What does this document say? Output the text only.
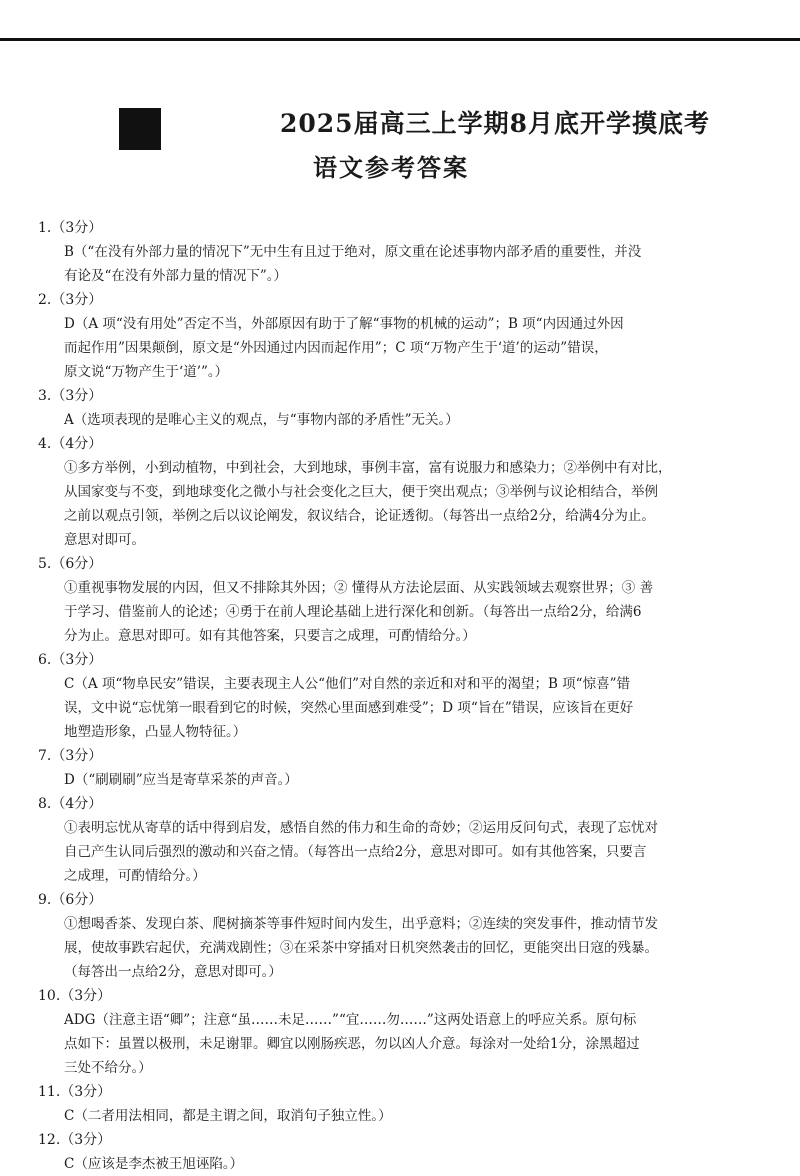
2025届高三上学期8月底开学摸底考
语文参考答案
1.（3分）
B（“在没有外部力量的情况下”无中生有且过于绝对，原文重在论述事物内部矛盾的重要性，并没
有论及“在没有外部力量的情况下”。）
2.（3分）
D（A 项“没有用处”否定不当，外部原因有助于了解“事物的机械的运动”；B 项“内因通过外因
而起作用”因果颠倒，原文是“外因通过内因而起作用”；C 项“万物产生于‘道’的运动”错误，
原文说“万物产生于‘道’”。）
3.（3分）
A（选项表现的是唯心主义的观点，与“事物内部的矛盾性”无关。）
4.（4分）
①多方举例，小到动植物，中到社会，大到地球，事例丰富，富有说服力和感染力；②举例中有对比，
从国家变与不变，到地球变化之微小与社会变化之巨大，便于突出观点；③举例与议论相结合，举例
之前以观点引领，举例之后以议论阐发，叙议结合，论证透彻。（每答出一点给2分，给满4分为止。
意思对即可。
5.（6分）
①重视事物发展的内因，但又不排除其外因；② 懂得从方法论层面、从实践领域去观察世界；③ 善
于学习、借鉴前人的论述；④勇于在前人理论基础上进行深化和创新。（每答出一点给2分，给满6
分为止。意思对即可。如有其他答案，只要言之成理，可酌情给分。）
6.（3分）
C（A 项“物阜民安”错误，主要表现主人公“他们”对自然的亲近和对和平的渴望；B 项“惊喜”错
误，文中说“忘忧第一眼看到它的时候，突然心里面感到难受”；D 项“旨在”错误，应该旨在更好
地塑造形象，凸显人物特征。）
7.（3分）
D（“刷刷刷”应当是寄草采茶的声音。）
8.（4分）
①表明忘忧从寄草的话中得到启发，感悟自然的伟力和生命的奇妙；②运用反问句式，表现了忘忧对
自己产生认同后强烈的激动和兴奋之情。（每答出一点给2分，意思对即可。如有其他答案，只要言
之成理，可酌情给分。）
9.（6分）
①想喝香茶、发现白茶、爬树摘茶等事件短时间内发生，出乎意料；②连续的突发事件，推动情节发
展，使故事跌宕起伏，充满戏剧性；③在采茶中穿插对日机突然袭击的回忆，更能突出日寇的残暴。
（每答出一点给2分，意思对即可。）
10.（3分）
ADG（注意主语“卿”；注意“虽……未足……”“宜……勿……”这两处语意上的呼应关系。原句标
点如下：虽置以极刑，未足谢罪。卿宜以刚肠疾恶，勿以凶人介意。每涂对一处给1分，涂黑超过
三处不给分。）
11.（3分）
C（二者用法相同，都是主谓之间，取消句子独立性。）
12.（3分）
C（应该是李杰被王旭诬陷。）
